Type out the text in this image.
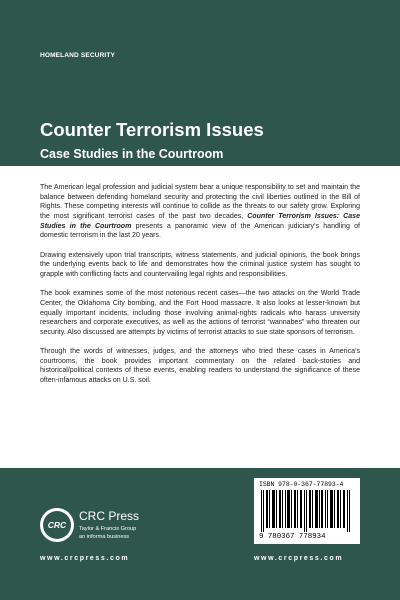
HOMELAND SECURITY
Counter Terrorism Issues
Case Studies in the Courtroom

The American legal profession and judicial system bear a unique responsibility to set and maintain the balance between defending homeland security and protecting the civil liberties outlined in the Bill of Rights. These competing interests will continue to collide as the threats to our safety grow. Exploring the most significant terrorist cases of the past two decades, Counter Terrorism Issues: Case Studies in the Courtroom presents a panoramic view of the American judiciary’s handling of domestic terrorism in the last 20 years.

Drawing extensively upon trial transcripts, witness statements, and judicial opinions, the book brings the underlying events back to life and demonstrates how the criminal justice system has sought to grapple with conflicting facts and countervailing legal rights and responsibilities.

The book examines some of the most notorious recent cases—the two attacks on the World Trade Center, the Oklahoma City bombing, and the Fort Hood massacre. It also looks at lesser-known but equally important incidents, including those involving animal-rights radicals who harass university researchers and corporate executives, as well as the actions of terrorist “wannabes” who threaten our security. Also discussed are attempts by victims of terrorist attacks to sue state sponsors of terrorism.

Through the words of witnesses, judges, and the attorneys who tried these cases in America’s courtrooms, the book provides important commentary on the related back-stories and historical/political contexts of these events, enabling readers to understand the significance of these often-infamous attacks on U.S. soil.

CRC
CRC Press
Taylor & Francis Group
an informa business
www.crcpress.com
ISBN 978-0-367-77893-4
9 780367 778934
www.crcpress.com
